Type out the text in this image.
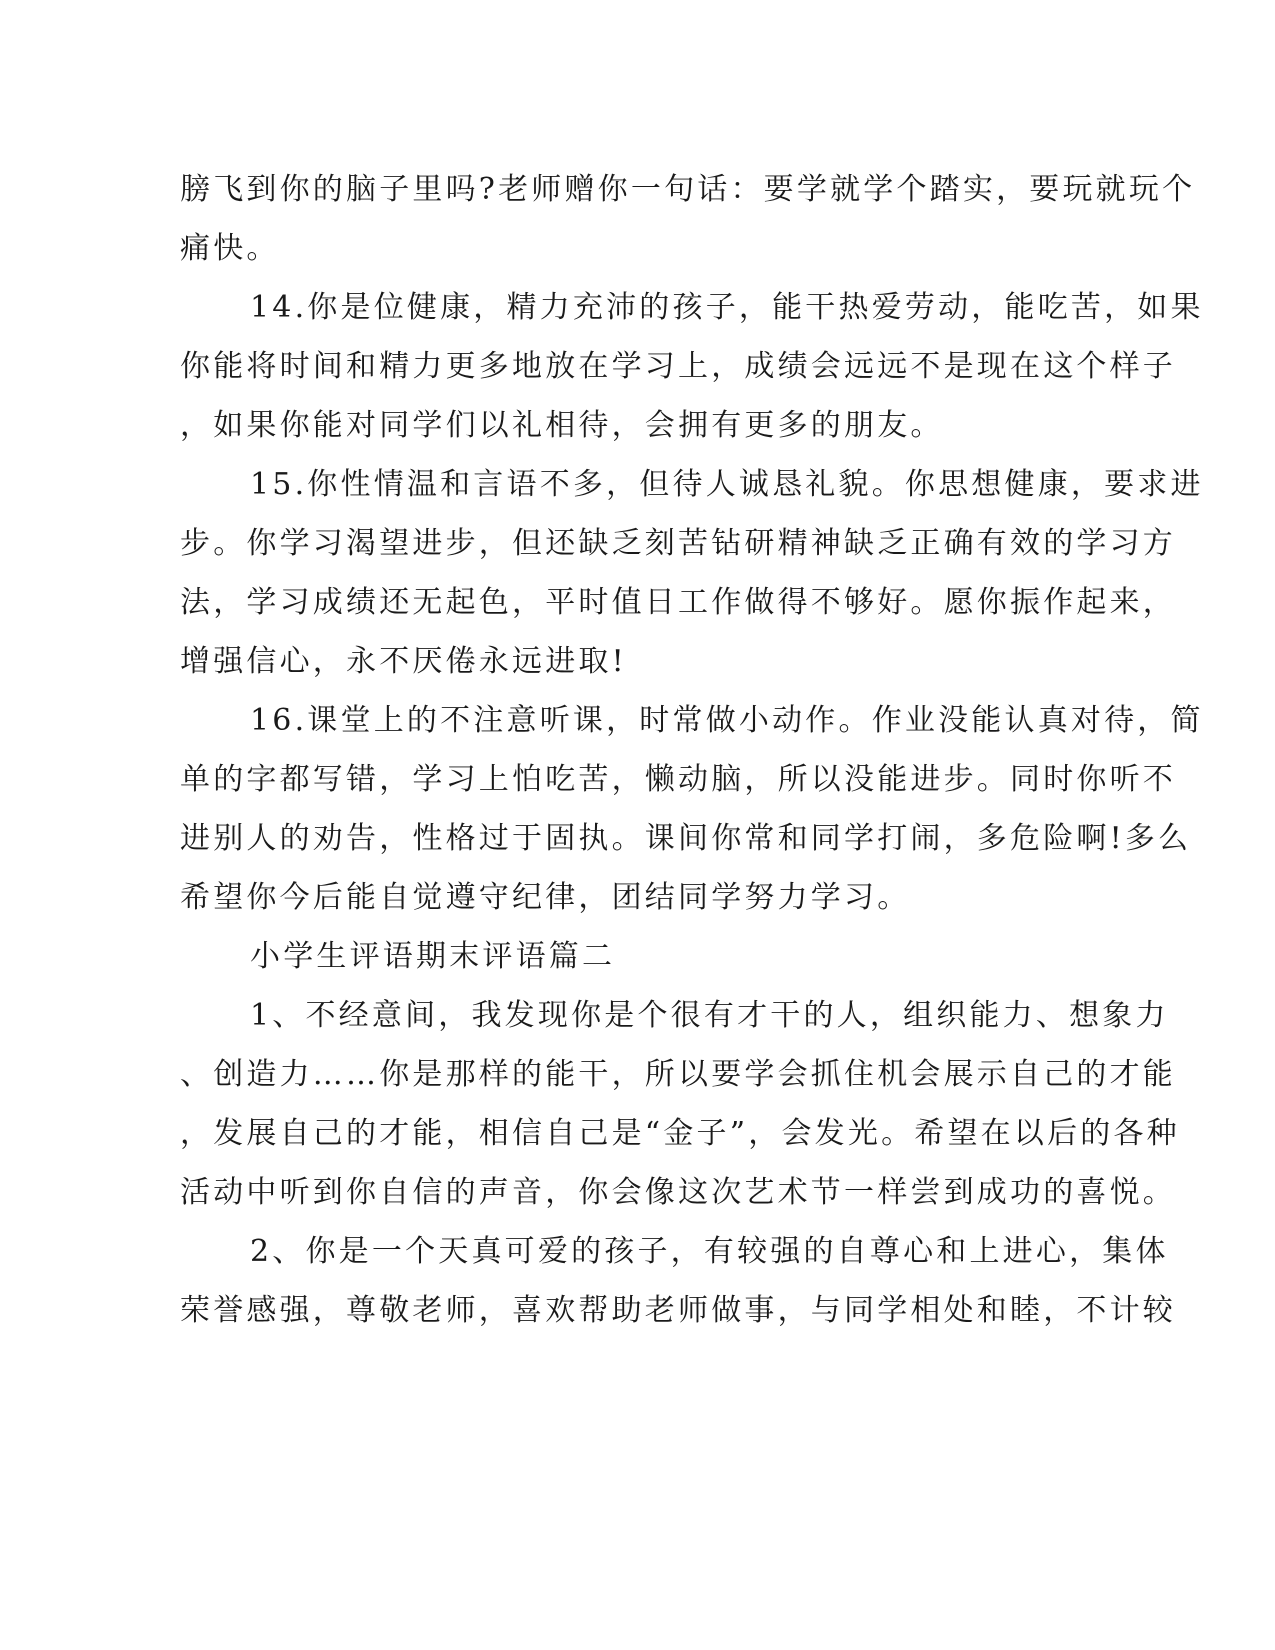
膀飞到你的脑子里吗?老师赠你一句话：要学就学个踏实，要玩就玩个
痛快。
14.你是位健康，精力充沛的孩子，能干热爱劳动，能吃苦，如果
你能将时间和精力更多地放在学习上，成绩会远远不是现在这个样子
，如果你能对同学们以礼相待，会拥有更多的朋友。
15.你性情温和言语不多，但待人诚恳礼貌。你思想健康，要求进
步。你学习渴望进步，但还缺乏刻苦钻研精神缺乏正确有效的学习方
法，学习成绩还无起色，平时值日工作做得不够好。愿你振作起来，
增强信心，永不厌倦永远进取!
16.课堂上的不注意听课，时常做小动作。作业没能认真对待，简
单的字都写错，学习上怕吃苦，懒动脑，所以没能进步。同时你听不
进别人的劝告，性格过于固执。课间你常和同学打闹，多危险啊!多么
希望你今后能自觉遵守纪律，团结同学努力学习。
小学生评语期末评语篇二
1、不经意间，我发现你是个很有才干的人，组织能力、想象力
、创造力……你是那样的能干，所以要学会抓住机会展示自己的才能
，发展自己的才能，相信自己是“金子”，会发光。希望在以后的各种
活动中听到你自信的声音，你会像这次艺术节一样尝到成功的喜悦。
2、你是一个天真可爱的孩子，有较强的自尊心和上进心，集体
荣誉感强，尊敬老师，喜欢帮助老师做事，与同学相处和睦，不计较
